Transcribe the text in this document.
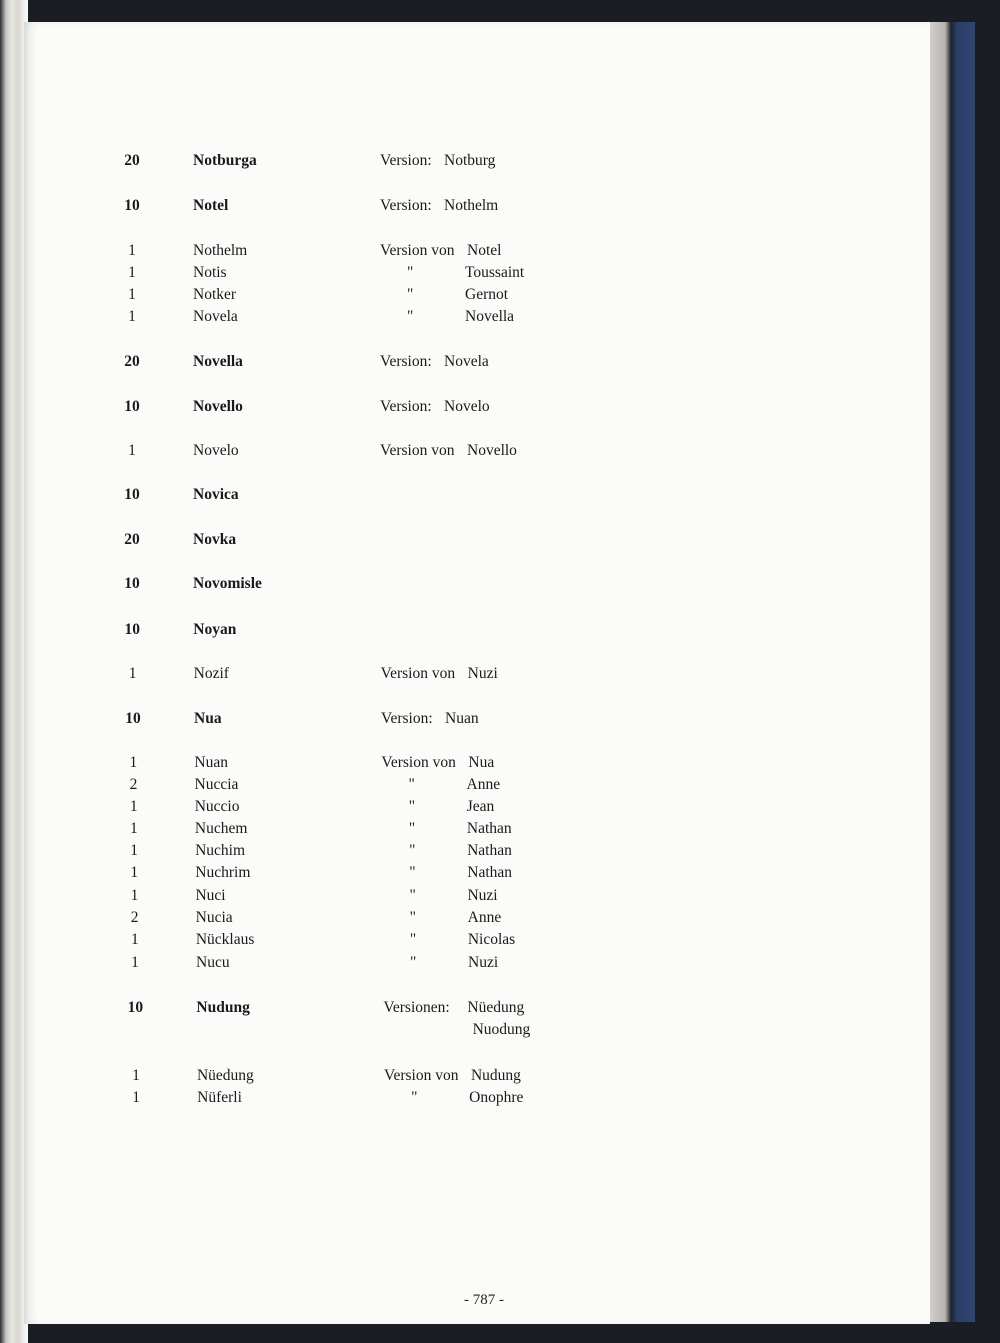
20	Notburga	Version: Notburg
10	Notel	Version: Nothelm
1	Nothelm	Version von Notel
1	Notis	"	Toussaint
1	Notker	"	Gernot
1	Novela	"	Novella
20	Novella	Version: Novela
10	Novello	Version: Novelo
1	Novelo	Version von Novello
10	Novica
20	Novka
10	Novomisle
10	Noyan
1	Nozif	Version von Nuzi
10	Nua	Version: Nuan
1	Nuan	Version von Nua
2	Nuccia	"	Anne
1	Nuccio	"	Jean
1	Nuchem	"	Nathan
1	Nuchim	"	Nathan
1	Nuchrim	"	Nathan
1	Nuci	"	Nuzi
2	Nucia	"	Anne
1	Nücklaus	"	Nicolas
1	Nucu	"	Nuzi
10	Nudung	Versionen: Nüedung
Nuodung
1	Nüedung	Version von Nudung
1	Nüferli	"	Onophre
- 787 -
